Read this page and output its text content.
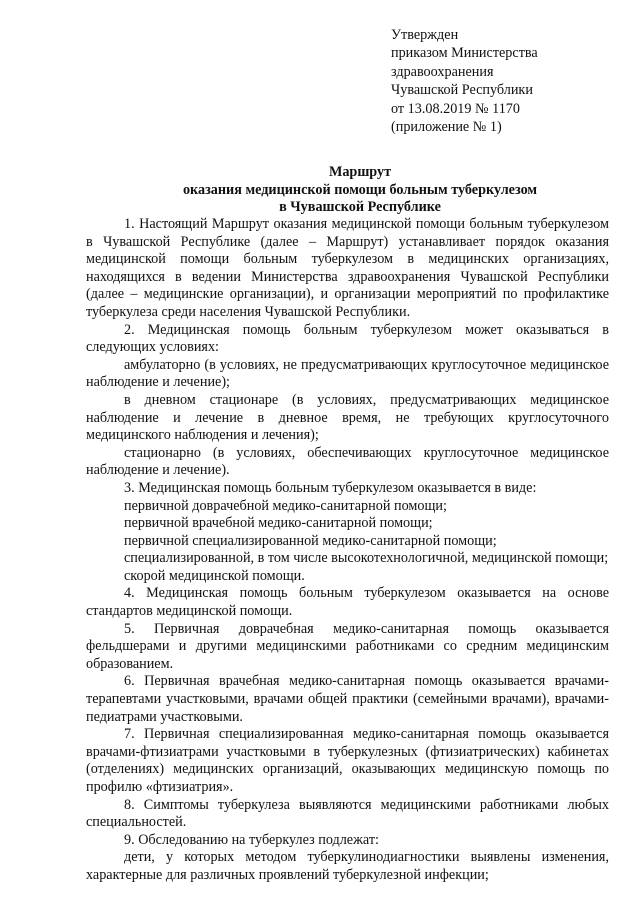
Утвержден
приказом Министерства
здравоохранения
Чувашской Республики
от 13.08.2019 № 1170
(приложение № 1)
Маршрут
оказания медицинской помощи больным туберкулезом
в Чувашской Республике

1. Настоящий Маршрут оказания медицинской помощи больным туберкулезом в Чувашской Республике (далее – Маршрут) устанавливает порядок оказания медицинской помощи больным туберкулезом в медицинских организациях, находящихся в ведении Министерства здравоохранения Чувашской Республики (далее – медицинские организации), и организации мероприятий по профилактике туберкулеза среди населения Чувашской Республики.

2. Медицинская помощь больным туберкулезом может оказываться в следующих условиях:

амбулаторно (в условиях, не предусматривающих круглосуточное медицинское наблюдение и лечение);

в дневном стационаре (в условиях, предусматривающих медицинское наблюдение и лечение в дневное время, не требующих круглосуточного медицинского наблюдения и лечения);

стационарно (в условиях, обеспечивающих круглосуточное медицинское наблюдение и лечение).

3. Медицинская помощь больным туберкулезом оказывается в виде:

первичной доврачебной медико-санитарной помощи;

первичной врачебной медико-санитарной помощи;

первичной специализированной медико-санитарной помощи;

специализированной, в том числе высокотехнологичной, медицинской помощи;

скорой медицинской помощи.

4. Медицинская помощь больным туберкулезом оказывается на основе стандартов медицинской помощи.

5. Первичная доврачебная медико-санитарная помощь оказывается фельдшерами и другими медицинскими работниками со средним медицинским образованием.

6. Первичная врачебная медико-санитарная помощь оказывается врачами-терапевтами участковыми, врачами общей практики (семейными врачами), врачами-педиатрами участковыми.

7. Первичная специализированная медико-санитарная помощь оказывается врачами-фтизиатрами участковыми в туберкулезных (фтизиатрических) кабинетах (отделениях) медицинских организаций, оказывающих медицинскую помощь по профилю «фтизиатрия».

8. Симптомы туберкулеза выявляются медицинскими работниками любых специальностей.

9. Обследованию на туберкулез подлежат:

дети, у которых методом туберкулинодиагностики выявлены изменения, характерные для различных проявлений туберкулезной инфекции;
